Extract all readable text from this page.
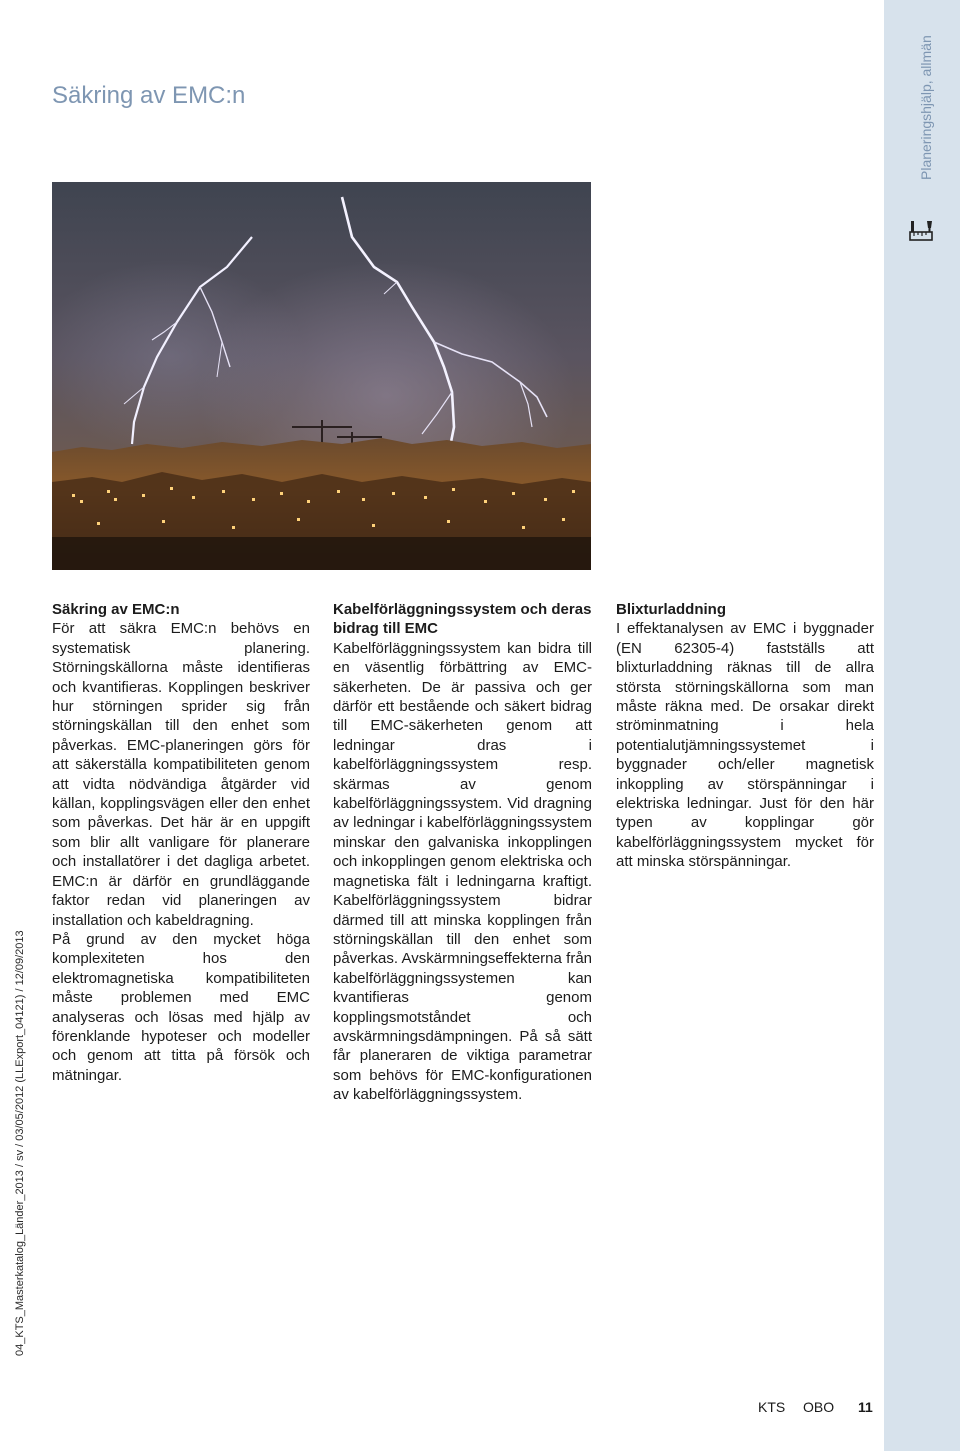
Planeringshjälp, allmän
Säkring av EMC:n
Säkring av EMC:n

För att säkra EMC:n behövs en systematisk planering. Störningskällorna måste identifieras och kvantifieras. Kopplingen beskriver hur störningen sprider sig från störningskällan till den enhet som påverkas. EMC-planeringen görs för att säkerställa kompatibiliteten genom att vidta nödvändiga åtgärder vid källan, kopplingsvägen eller den enhet som påverkas. Det här är en uppgift som blir allt vanligare för planerare och installatörer i det dagliga arbetet. EMC:n är därför en grundläggande faktor redan vid planeringen av installation och kabeldragning.

På grund av den mycket höga komplexiteten hos den elektromagnetiska kompatibiliteten måste problemen med EMC analyseras och lösas med hjälp av förenklande hypoteser och modeller och genom att titta på försök och mätningar.

Kabelförläggningssystem och deras bidrag till EMC

Kabelförläggningssystem kan bidra till en väsentlig förbättring av EMC-säkerheten. De är passiva och ger därför ett bestående och säkert bidrag till EMC-säkerheten genom att ledningar dras i kabelförläggningssystem resp. skärmas av genom kabelförläggningssystem. Vid dragning av ledningar i kabelförläggningssystem minskar den galvaniska inkopplingen och inkopplingen genom elektriska och magnetiska fält i ledningarna kraftigt. Kabelförläggningssystem bidrar därmed till att minska kopplingen från störningskällan till den enhet som påverkas. Avskärmningseffekterna från kabelförläggningssystemen kan kvantifieras genom kopplingsmotståndet och avskärmningsdämpningen. På så sätt får planeraren de viktiga parametrar som behövs för EMC-konfigurationen av kabelförläggningssystem.

Blixturladdning

I effektanalysen av EMC i byggnader (EN 62305-4) fastställs att blixturladdning räknas till de allra största störningskällorna som man måste räkna med. De orsakar direkt ströminmatning i hela potentialutjämningssystemet i byggnader och/eller magnetisk inkoppling av störspänningar i elektriska ledningar. Just för den här typen av kopplingar gör kabelförläggningssystem mycket för att minska störspänningar.

04_KTS_Masterkatalog_Länder_2013 / sv / 03/05/2012 (LLExport_04121) / 12/09/2013
KTS OBO 11
